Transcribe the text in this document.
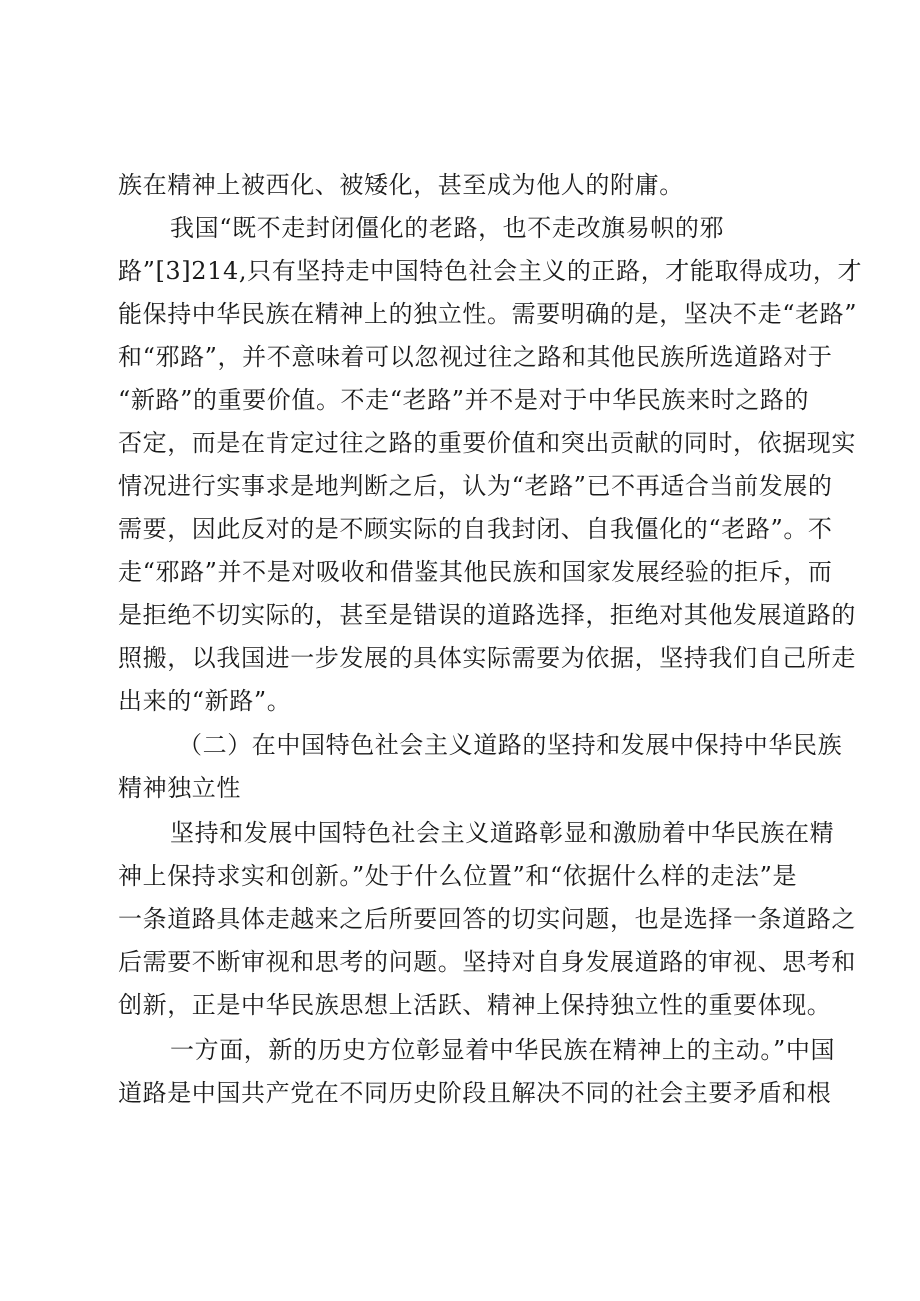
族在精神上被西化、被矮化，甚至成为他人的附庸。

我国“既不走封闭僵化的老路，也不走改旗易帜的邪

路”[3]214,只有坚持走中国特色社会主义的正路，才能取得成功，才

能保持中华民族在精神上的独立性。需要明确的是，坚决不走“老路”

和“邪路”，并不意味着可以忽视过往之路和其他民族所选道路对于

“新路”的重要价值。不走“老路”并不是对于中华民族来时之路的

否定，而是在肯定过往之路的重要价值和突出贡献的同时，依据现实

情况进行实事求是地判断之后，认为“老路”已不再适合当前发展的

需要，因此反对的是不顾实际的自我封闭、自我僵化的“老路”。不

走“邪路”并不是对吸收和借鉴其他民族和国家发展经验的拒斥，而

是拒绝不切实际的，甚至是错误的道路选择，拒绝对其他发展道路的

照搬，以我国进一步发展的具体实际需要为依据，坚持我们自己所走

出来的“新路”。

（二）在中国特色社会主义道路的坚持和发展中保持中华民族

精神独立性

坚持和发展中国特色社会主义道路彰显和激励着中华民族在精

神上保持求实和创新。”处于什么位置”和“依据什么样的走法”是

一条道路具体走越来之后所要回答的切实问题，也是选择一条道路之

后需要不断审视和思考的问题。坚持对自身发展道路的审视、思考和

创新，正是中华民族思想上活跃、精神上保持独立性的重要体现。

一方面，新的历史方位彰显着中华民族在精神上的主动。”中国

道路是中国共产党在不同历史阶段且解决不同的社会主要矛盾和根
